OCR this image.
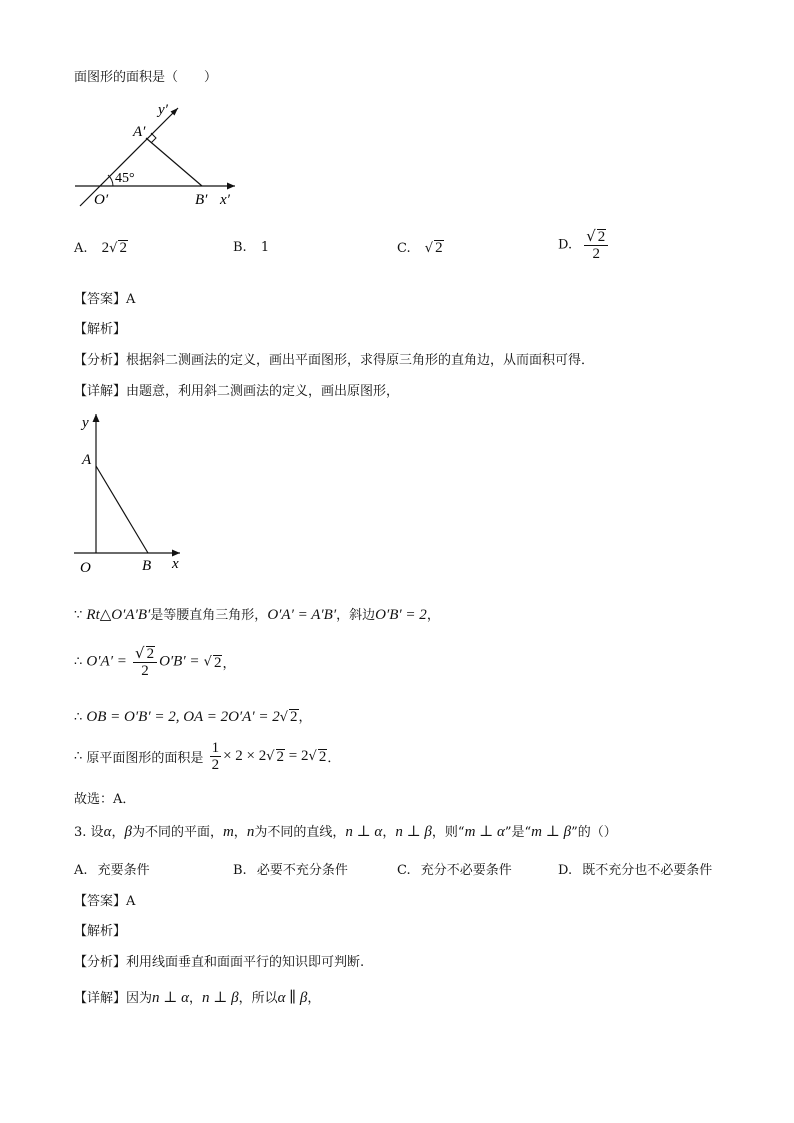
面图形的面积是（　　）
y′
A′
45°
O′	B′ x′
A. 2√ 2	B. 1	C. √ 2	D. $\frac{√ 2}{2}$
【答案】A
【解析】
【分析】根据斜二测画法的定义，画出平面图形，求得原三角形的直角边，从而面积可得．
【详解】由题意，利用斜二测画法的定义，画出原图形，
y
A
O	B x
∵ Rt△O′A′B′是等腰直角三角形，O′A′ = A′B′，斜边O′B′ = 2，
∴ $O'A' = \frac{√ 2}{2} O'B'$ = √ 2，
∴ OB = O′B′ = 2, OA = 2O′A′ = 2√ 2，
∴ 原平面图形的面积是 $\frac{1}{2} \times 2 \times 2√$ 2 = 2√ 2．
故选：A．
3. 设α，β为不同的平面，m，n为不同的直线，n ⊥ α，n ⊥ β，则“m ⊥ α”是“m ⊥ β”的（）
A. 充要条件	B. 必要不充分条件	C. 充分不必要条件	D. 既不充分也不必要条件
【答案】A
【解析】
【分析】利用线面垂直和面面平行的知识即可判断.
【详解】因为n ⊥ α，n ⊥ β，所以α ∥ β，
